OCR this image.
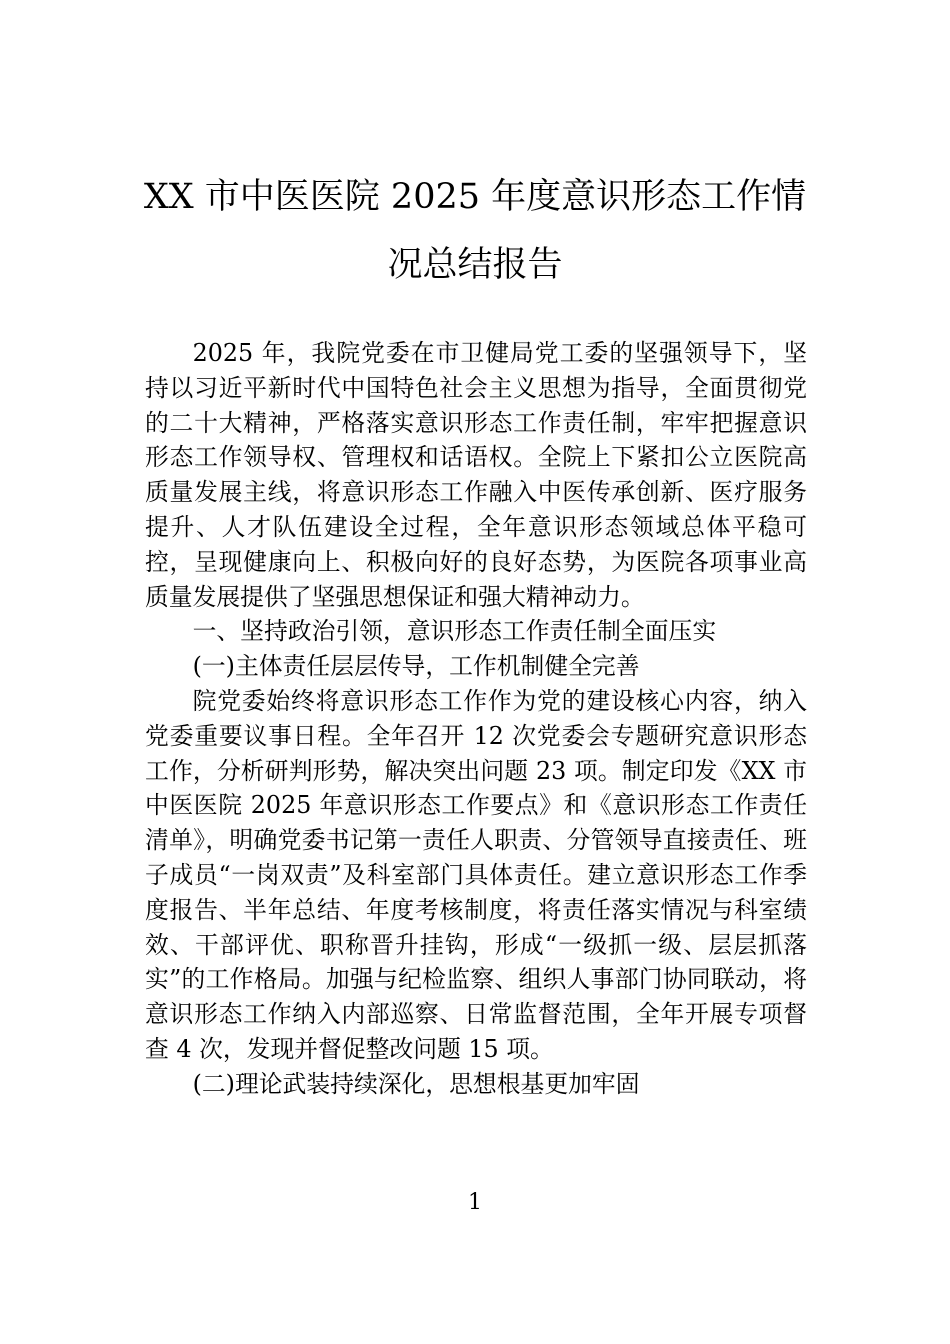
XX 市中医医院 2025 年度意识形态工作情
况总结报告

2025 年，我院党委在市卫健局党工委的坚强领导下，坚持以习近平新时代中国特色社会主义思想为指导，全面贯彻党的二十大精神，严格落实意识形态工作责任制，牢牢把握意识形态工作领导权、管理权和话语权。全院上下紧扣公立医院高质量发展主线，将意识形态工作融入中医传承创新、医疗服务提升、人才队伍建设全过程，全年意识形态领域总体平稳可控，呈现健康向上、积极向好的良好态势，为医院各项事业高质量发展提供了坚强思想保证和强大精神动力。

一、坚持政治引领，意识形态工作责任制全面压实

(一)主体责任层层传导，工作机制健全完善

院党委始终将意识形态工作作为党的建设核心内容，纳入党委重要议事日程。全年召开 12 次党委会专题研究意识形态工作，分析研判形势，解决突出问题 23 项。制定印发《XX 市中医医院 2025 年意识形态工作要点》和《意识形态工作责任清单》，明确党委书记第一责任人职责、分管领导直接责任、班子成员“一岗双责”及科室部门具体责任。建立意识形态工作季度报告、半年总结、年度考核制度，将责任落实情况与科室绩效、干部评优、职称晋升挂钩，形成“一级抓一级、层层抓落实”的工作格局。加强与纪检监察、组织人事部门协同联动，将意识形态工作纳入内部巡察、日常监督范围，全年开展专项督查 4 次，发现并督促整改问题 15 项。

(二)理论武装持续深化，思想根基更加牢固

1
